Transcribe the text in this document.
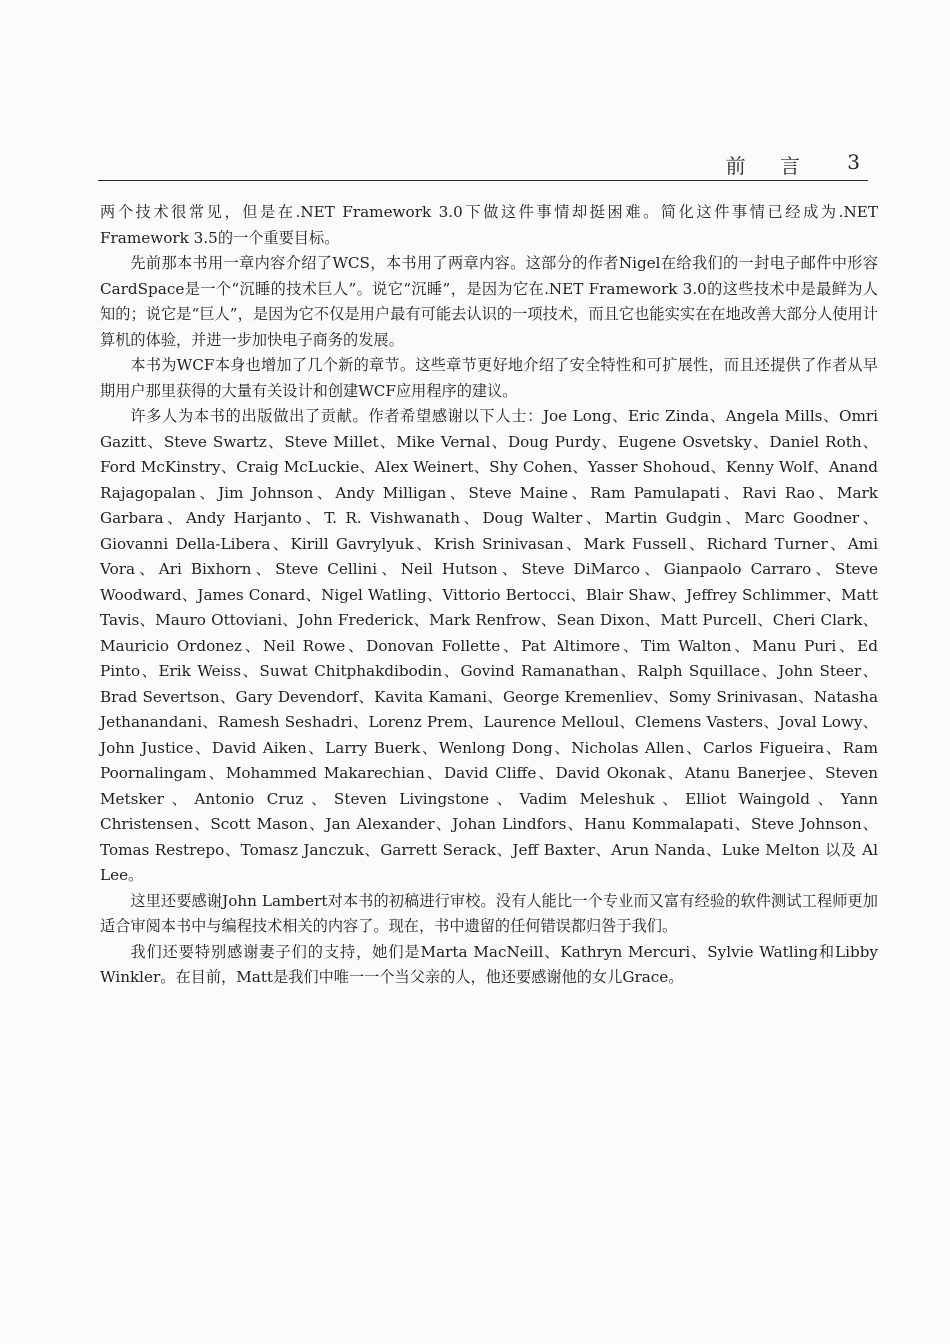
前 言 3

两个技术很常见，但是在.NET Framework 3.0下做这件事情却挺困难。简化这件事情已经成为.NET Framework 3.5的一个重要目标。

先前那本书用一章内容介绍了WCS，本书用了两章内容。这部分的作者Nigel在给我们的一封电子邮件中形容CardSpace是一个“沉睡的技术巨人”。说它“沉睡”，是因为它在.NET Framework 3.0的这些技术中是最鲜为人知的；说它是“巨人”，是因为它不仅是用户最有可能去认识的一项技术，而且它也能实实在在地改善大部分人使用计算机的体验，并进一步加快电子商务的发展。

本书为WCF本身也增加了几个新的章节。这些章节更好地介绍了安全特性和可扩展性，而且还提供了作者从早期用户那里获得的大量有关设计和创建WCF应用程序的建议。

许多人为本书的出版做出了贡献。作者希望感谢以下人士：Joe Long、Eric Zinda、Angela Mills、Omri Gazitt、Steve Swartz、Steve Millet、Mike Vernal、Doug Purdy、Eugene Osvetsky、Daniel Roth、Ford McKinstry、Craig McLuckie、Alex Weinert、Shy Cohen、Yasser Shohoud、Kenny Wolf、Anand Rajagopalan、Jim Johnson、Andy Milligan、Steve Maine、Ram Pamulapati、Ravi Rao、Mark Garbara、Andy Harjanto、T. R. Vishwanath、Doug Walter、Martin Gudgin、Marc Goodner、Giovanni Della-Libera、Kirill Gavrylyuk、Krish Srinivasan、Mark Fussell、Richard Turner、Ami Vora、Ari Bixhorn、Steve Cellini、Neil Hutson、Steve DiMarco、Gianpaolo Carraro、Steve Woodward、James Conard、Nigel Watling、Vittorio Bertocci、Blair Shaw、Jeffrey Schlimmer、Matt Tavis、Mauro Ottoviani、John Frederick、Mark Renfrow、Sean Dixon、Matt Purcell、Cheri Clark、Mauricio Ordonez、Neil Rowe、Donovan Follette、Pat Altimore、Tim Walton、Manu Puri、Ed Pinto、Erik Weiss、Suwat Chitphakdibodin、Govind Ramanathan、Ralph Squillace、John Steer、Brad Severtson、Gary Devendorf、Kavita Kamani、George Kremenliev、Somy Srinivasan、Natasha Jethanandani、Ramesh Seshadri、Lorenz Prem、Laurence Melloul、Clemens Vasters、Joval Lowy、John Justice、David Aiken、Larry Buerk、Wenlong Dong、Nicholas Allen、Carlos Figueira、Ram Poornalingam、Mohammed Makarechian、David Cliffe、David Okonak、Atanu Banerjee、Steven Metsker、Antonio Cruz、Steven Livingstone、Vadim Meleshuk、Elliot Waingold、Yann Christensen、Scott Mason、Jan Alexander、Johan Lindfors、Hanu Kommalapati、Steve Johnson、Tomas Restrepo、Tomasz Janczuk、Garrett Serack、Jeff Baxter、Arun Nanda、Luke Melton 以及 Al Lee。

这里还要感谢John Lambert对本书的初稿进行审校。没有人能比一个专业而又富有经验的软件测试工程师更加适合审阅本书中与编程技术相关的内容了。现在，书中遗留的任何错误都归咎于我们。

我们还要特别感谢妻子们的支持，她们是Marta MacNeill、Kathryn Mercuri、Sylvie Watling和Libby Winkler。在目前，Matt是我们中唯一一个当父亲的人，他还要感谢他的女儿Grace。
